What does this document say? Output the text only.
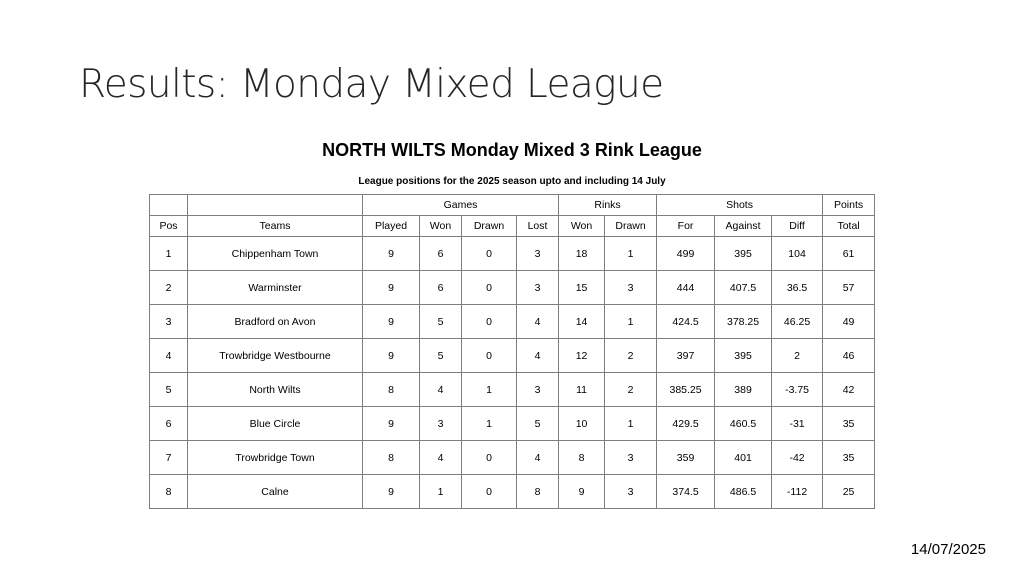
Results: Monday Mixed League
NORTH WILTS Monday Mixed 3 Rink League
League positions for the 2025 season upto and including 14 July
		Games				Rinks		Shots			Points
Pos	Teams	Played	Won	Drawn	Lost	Won	Drawn	For	Against	Diff	Total
1	Chippenham Town	9	6	0	3	18	1	499	395	104	61
2	Warminster	9	6	0	3	15	3	444	407.5	36.5	57
3	Bradford on Avon	9	5	0	4	14	1	424.5	378.25	46.25	49
4	Trowbridge Westbourne	9	5	0	4	12	2	397	395	2	46
5	North Wilts	8	4	1	3	11	2	385.25	389	-3.75	42
6	Blue Circle	9	3	1	5	10	1	429.5	460.5	-31	35
7	Trowbridge Town	8	4	0	4	8	3	359	401	-42	35
8	Calne	9	1	0	8	9	3	374.5	486.5	-112	25
14/07/2025
